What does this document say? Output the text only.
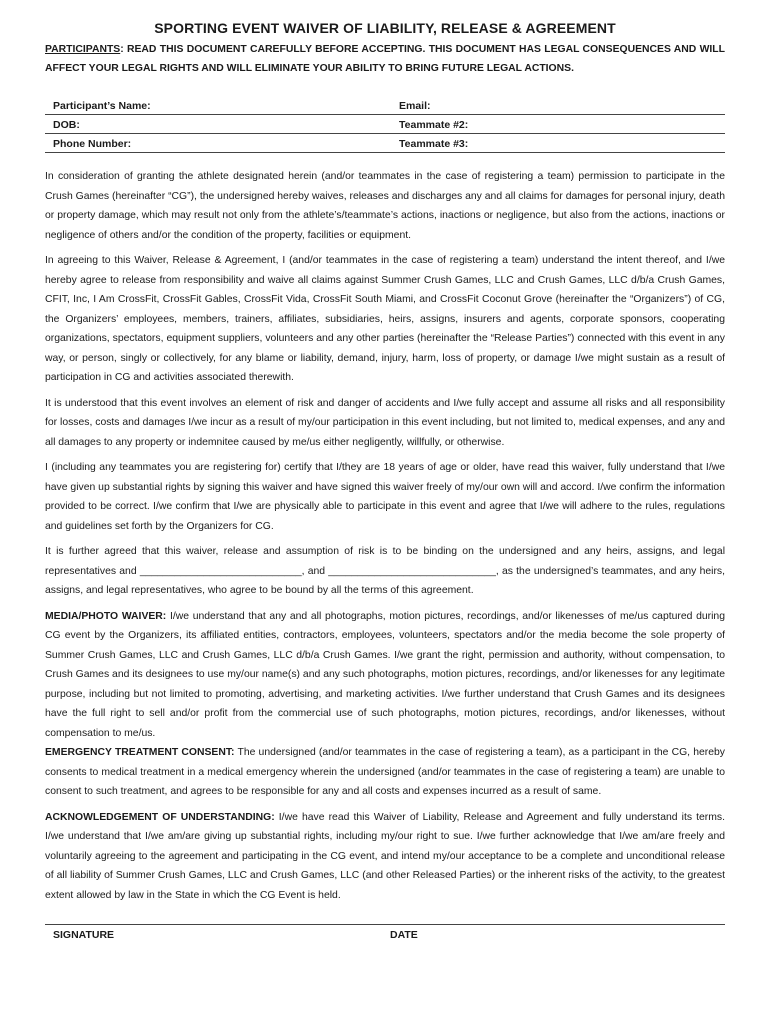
SPORTING EVENT WAIVER OF LIABILITY, RELEASE & AGREEMENT

PARTICIPANTS: READ THIS DOCUMENT CAREFULLY BEFORE ACCEPTING. THIS DOCUMENT HAS LEGAL CONSEQUENCES AND WILL AFFECT YOUR LEGAL RIGHTS AND WILL ELIMINATE YOUR ABILITY TO BRING FUTURE LEGAL ACTIONS.

Participant’s Name:	Email:
DOB:	Teammate #2:
Phone Number:	Teammate #3:

In consideration of granting the athlete designated herein (and/or teammates in the case of registering a team) permission to participate in the Crush Games (hereinafter “CG”), the undersigned hereby waives, releases and discharges any and all claims for damages for personal injury, death or property damage, which may result not only from the athlete’s/teammate’s actions, inactions or negligence, but also from the actions, inactions or negligence of others and/or the condition of the property, facilities or equipment.

In agreeing to this Waiver, Release & Agreement, I (and/or teammates in the case of registering a team) understand the intent thereof, and I/we hereby agree to release from responsibility and waive all claims against Summer Crush Games, LLC and Crush Games, LLC d/b/a Crush Games, CFIT, Inc, I Am CrossFit, CrossFit Gables, CrossFit Vida, CrossFit South Miami, and CrossFit Coconut Grove (hereinafter the “Organizers”) of CG, the Organizers’ employees, members, trainers, affiliates, subsidiaries, heirs, assigns, insurers and agents, corporate sponsors, cooperating organizations, spectators, equipment suppliers, volunteers and any other parties (hereinafter the “Release Parties”) connected with this event in any way, or person, singly or collectively, for any blame or liability, demand, injury, harm, loss of property, or damage I/we might sustain as a result of participation in CG and activities associated therewith.

It is understood that this event involves an element of risk and danger of accidents and I/we fully accept and assume all risks and all responsibility for losses, costs and damages I/we incur as a result of my/our participation in this event including, but not limited to, medical expenses, and any and all damages to any property or indemnitee caused by me/us either negligently, willfully, or otherwise.

I (including any teammates you are registering for) certify that I/they are 18 years of age or older, have read this waiver, fully understand that I/we have given up substantial rights by signing this waiver and have signed this waiver freely of my/our own will and accord. I/we confirm the information provided to be correct. I/we confirm that I/we are physically able to participate in this event and agree that I/we will adhere to the rules, regulations and guidelines set forth by the Organizers for CG.

It is further agreed that this waiver, release and assumption of risk is to be binding on the undersigned and any heirs, assigns, and legal representatives and ____________________________, and _____________________________, as the undersigned’s teammates, and any heirs, assigns, and legal representatives, who agree to be bound by all the terms of this agreement.

MEDIA/PHOTO WAIVER: I/we understand that any and all photographs, motion pictures, recordings, and/or likenesses of me/us captured during CG event by the Organizers, its affiliated entities, contractors, employees, volunteers, spectators and/or the media become the sole property of Summer Crush Games, LLC and Crush Games, LLC d/b/a Crush Games. I/we grant the right, permission and authority, without compensation, to Crush Games and its designees to use my/our name(s) and any such photographs, motion pictures, recordings, and/or likenesses for any legitimate purpose, including but not limited to promoting, advertising, and marketing activities. I/we further understand that Crush Games and its designees have the full right to sell and/or profit from the commercial use of such photographs, motion pictures, recordings, and/or likenesses, without compensation to me/us.

EMERGENCY TREATMENT CONSENT: The undersigned (and/or teammates in the case of registering a team), as a participant in the CG, hereby consents to medical treatment in a medical emergency wherein the undersigned (and/or teammates in the case of registering a team) are unable to consent to such treatment, and agrees to be responsible for any and all costs and expenses incurred as a result of same.

ACKNOWLEDGEMENT OF UNDERSTANDING: I/we have read this Waiver of Liability, Release and Agreement and fully understand its terms. I/we understand that I/we am/are giving up substantial rights, including my/our right to sue. I/we further acknowledge that I/we am/are freely and voluntarily agreeing to the agreement and participating in the CG event, and intend my/our acceptance to be a complete and unconditional release of all liability of Summer Crush Games, LLC and Crush Games, LLC (and other Released Parties) or the inherent risks of the activity, to the greatest extent allowed by law in the State in which the CG Event is held.

SIGNATURE	DATE
